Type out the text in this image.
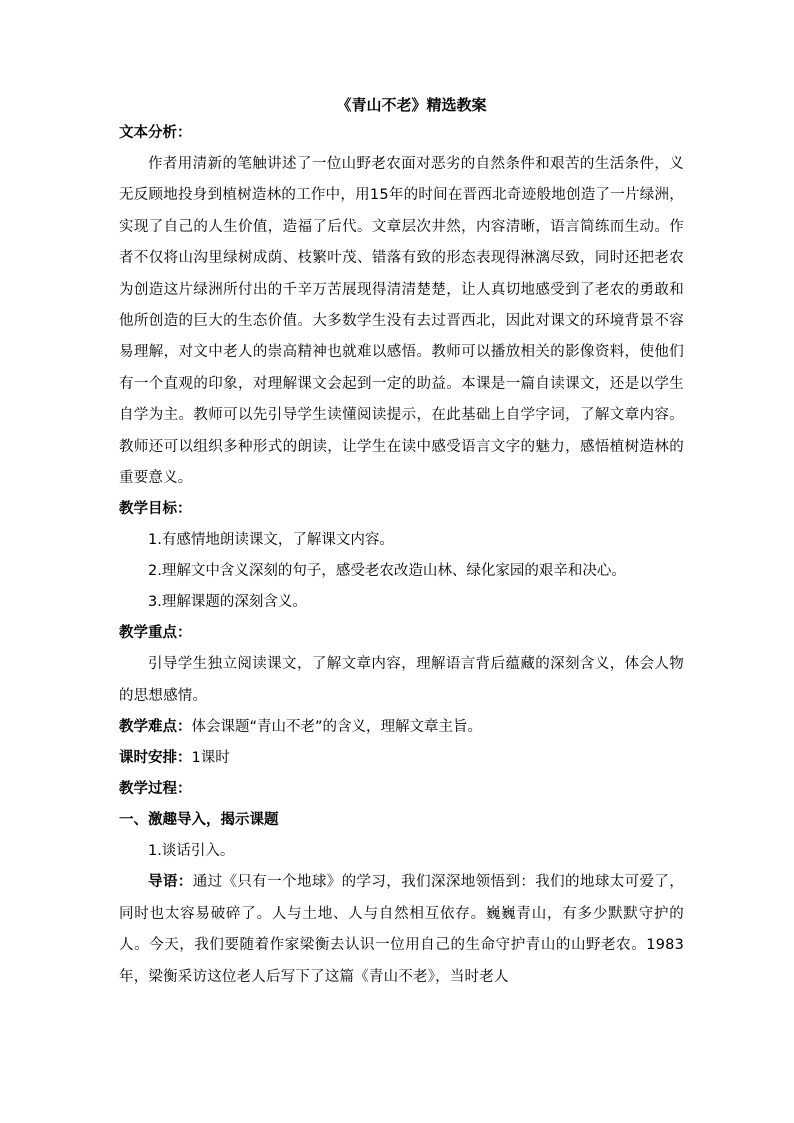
《青山不老》精选教案
文本分析：
作者用清新的笔触讲述了一位山野老农面对恶劣的自然条件和艰苦的生活条件，义无反顾地投身到植树造林的工作中，用15年的时间在晋西北奇迹般地创造了一片绿洲，实现了自己的人生价值，造福了后代。文章层次井然，内容清晰，语言简练而生动。作者不仅将山沟里绿树成荫、枝繁叶茂、错落有致的形态表现得淋漓尽致，同时还把老农为创造这片绿洲所付出的千辛万苦展现得清清楚楚，让人真切地感受到了老农的勇敢和他所创造的巨大的生态价值。大多数学生没有去过晋西北，因此对课文的环境背景不容易理解，对文中老人的崇高精神也就难以感悟。教师可以播放相关的影像资料，使他们有一个直观的印象，对理解课文会起到一定的助益。本课是一篇自读课文，还是以学生自学为主。教师可以先引导学生读懂阅读提示，在此基础上自学字词，了解文章内容。教师还可以组织多种形式的朗读，让学生在读中感受语言文字的魅力，感悟植树造林的重要意义。
教学目标：
1.有感情地朗读课文，了解课文内容。
2.理解文中含义深刻的句子，感受老农改造山林、绿化家园的艰辛和决心。
3.理解课题的深刻含义。
教学重点：
引导学生独立阅读课文，了解文章内容，理解语言背后蕴藏的深刻含义，体会人物的思想感情。
教学难点：体会课题“青山不老”的含义，理解文章主旨。
课时安排：1课时
教学过程：
一、激趣导入，揭示课题
1.谈话引入。
导语：通过《只有一个地球》的学习，我们深深地领悟到：我们的地球太可爱了，同时也太容易破碎了。人与土地、人与自然相互依存。巍巍青山，有多少默默守护的人。今天，我们要随着作家梁衡去认识一位用自己的生命守护青山的山野老农。1983年，梁衡采访这位老人后写下了这篇《青山不老》，当时老人
